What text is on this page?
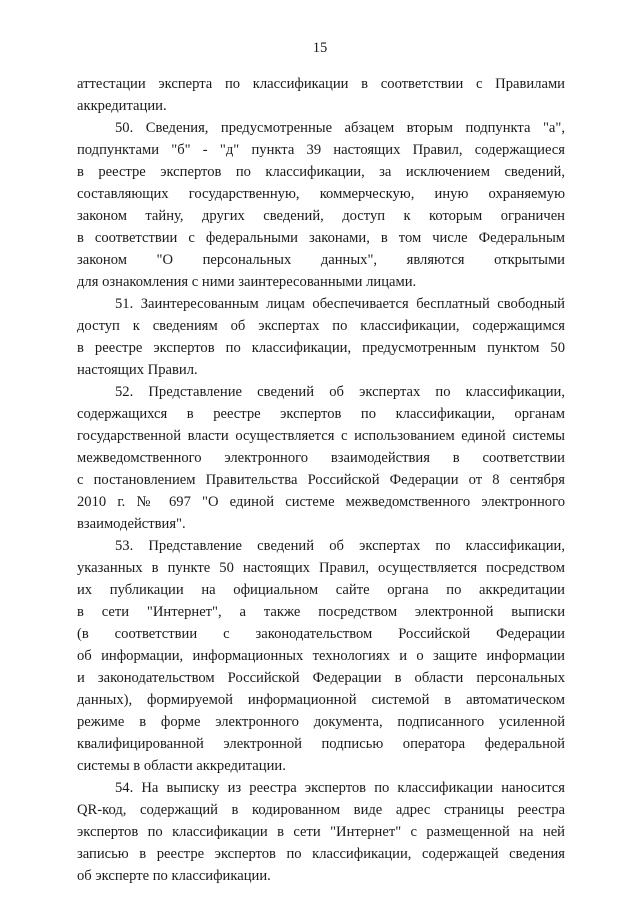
15
аттестации эксперта по классификации в соответствии с Правилами
аккредитации.
50. Сведения, предусмотренные абзацем вторым подпункта "а",
подпунктами "б" - "д" пункта 39 настоящих Правил, содержащиеся
в реестре экспертов по классификации, за исключением сведений,
составляющих государственную, коммерческую, иную охраняемую
законом тайну, других сведений, доступ к которым ограничен
в соответствии с федеральными законами, в том числе Федеральным
законом "О персональных данных", являются открытыми
для ознакомления с ними заинтересованными лицами.
51. Заинтересованным лицам обеспечивается бесплатный свободный
доступ к сведениям об экспертах по классификации, содержащимся
в реестре экспертов по классификации, предусмотренным пунктом 50
настоящих Правил.
52. Представление сведений об экспертах по классификации,
содержащихся в реестре экспертов по классификации, органам
государственной власти осуществляется с использованием единой системы
межведомственного электронного взаимодействия в соответствии
с постановлением Правительства Российской Федерации от 8 сентября
2010 г. № 697 "О единой системе межведомственного электронного
взаимодействия".
53. Представление сведений об экспертах по классификации,
указанных в пункте 50 настоящих Правил, осуществляется посредством
их публикации на официальном сайте органа по аккредитации
в сети "Интернет", а также посредством электронной выписки
(в соответствии с законодательством Российской Федерации
об информации, информационных технологиях и о защите информации
и законодательством Российской Федерации в области персональных
данных), формируемой информационной системой в автоматическом
режиме в форме электронного документа, подписанного усиленной
квалифицированной электронной подписью оператора федеральной
системы в области аккредитации.
54. На выписку из реестра экспертов по классификации наносится
QR-код, содержащий в кодированном виде адрес страницы реестра
экспертов по классификации в сети "Интернет" с размещенной на ней
записью в реестре экспертов по классификации, содержащей сведения
об эксперте по классификации.
